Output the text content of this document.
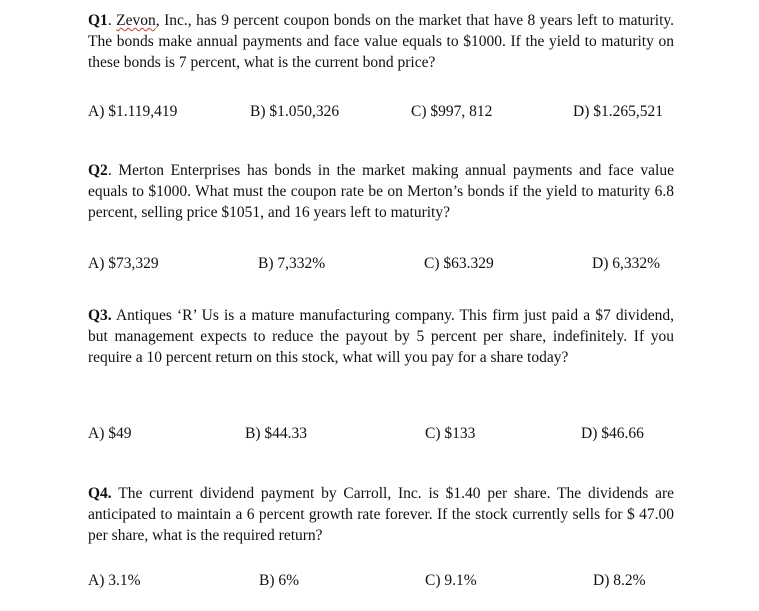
Q1. Zevon, Inc., has 9 percent coupon bonds on the market that have 8 years left to maturity. The bonds make annual payments and face value equals to $1000. If the yield to maturity on these bonds is 7 percent, what is the current bond price?
A) $1.119,419	B) $1.050,326	C) $997, 812	D) $1.265,521
Q2. Merton Enterprises has bonds in the market making annual payments and face value equals to $1000. What must the coupon rate be on Merton’s bonds if the yield to maturity 6.8 percent, selling price $1051, and 16 years left to maturity?
A) $73,329	B) 7,332%	C) $63.329	D) 6,332%
Q3. Antiques ‘R’ Us is a mature manufacturing company. This firm just paid a $7 dividend, but management expects to reduce the payout by 5 percent per share, indefinitely. If you require a 10 percent return on this stock, what will you pay for a share today?
A) $49	B) $44.33	C) $133	D) $46.66
Q4. The current dividend payment by Carroll, Inc. is $1.40 per share. The dividends are anticipated to maintain a 6 percent growth rate forever. If the stock currently sells for $ 47.00 per share, what is the required return?
A) 3.1%	B) 6%	C) 9.1%	D) 8.2%
